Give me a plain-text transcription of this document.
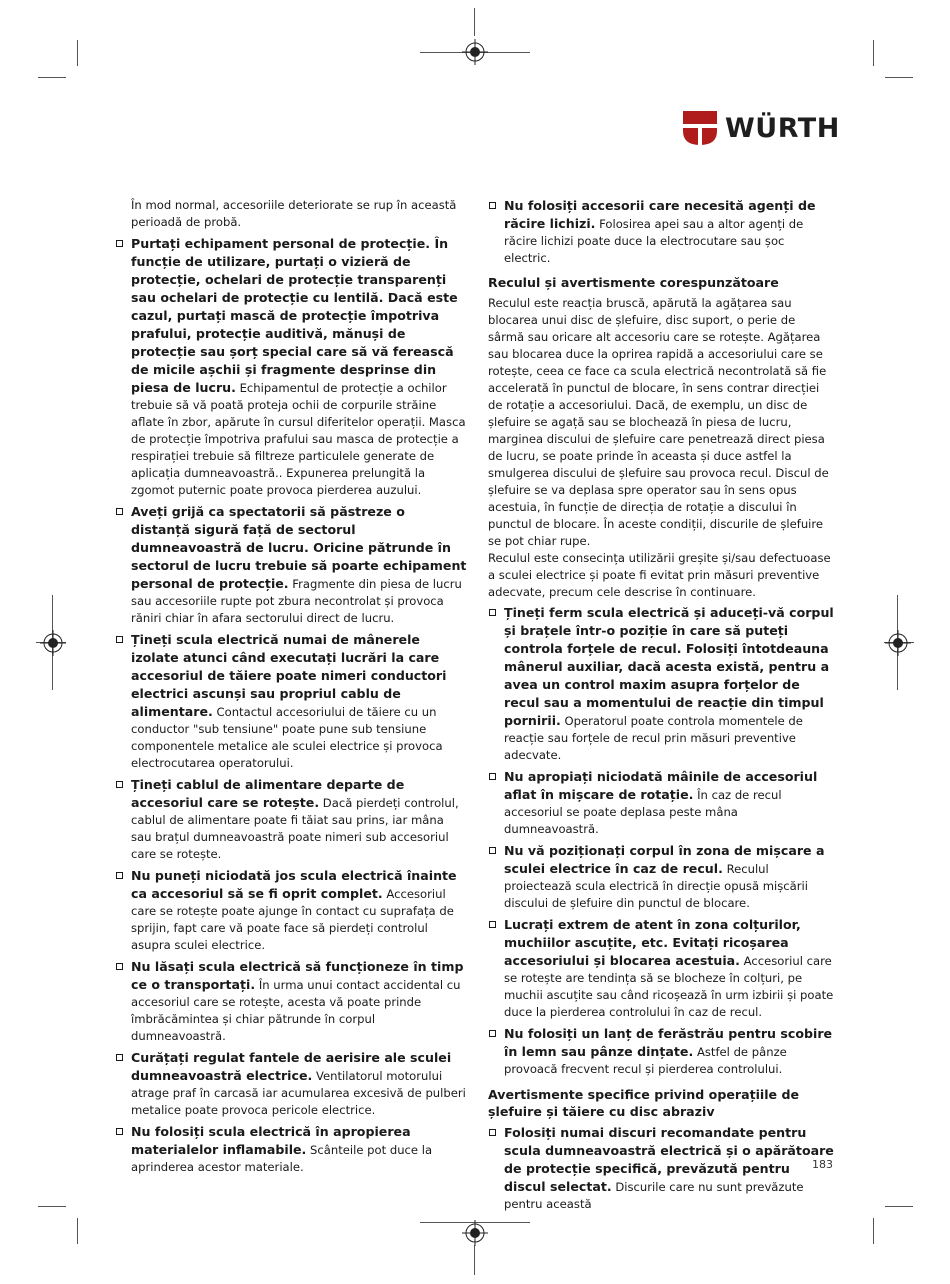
WÜRTH

În mod normal, accesoriile deteriorate se rup în această perioadă de probă.

Purtați echipament personal de protecție. În funcție de utilizare, purtați o vizieră de protecție, ochelari de protecție transparenți sau ochelari de protecție cu lentilă. Dacă este cazul, purtați mască de protecție împotriva prafului, protecție auditivă, mănuși de protecție sau șorț special care să vă ferească de micile așchii și fragmente desprinse din piesa de lucru. Echipamentul de protecție a ochilor trebuie să vă poată proteja ochii de corpurile străine aflate în zbor, apărute în cursul diferitelor operații. Masca de protecție împotriva prafului sau masca de protecție a respirației trebuie să filtreze particulele generate de aplicația dumneavoastră.. Expunerea prelungită la zgomot puternic poate provoca pierderea auzului.
Aveți grijă ca spectatorii să păstreze o distanță sigură față de sectorul dumneavoastră de lucru. Oricine pătrunde în sectorul de lucru trebuie să poarte echipament personal de protecție. Fragmente din piesa de lucru sau accesoriile rupte pot zbura necontrolat și provoca răniri chiar în afara sectorului direct de lucru.
Țineți scula electrică numai de mânerele izolate atunci când executați lucrări la care accesoriul de tăiere poate nimeri conductori electrici ascunși sau propriul cablu de alimentare. Contactul accesoriului de tăiere cu un conductor "sub tensiune" poate pune sub tensiune componentele metalice ale sculei electrice și provoca electrocutarea operatorului.
Țineți cablul de alimentare departe de accesoriul care se rotește. Dacă pierdeți controlul, cablul de alimentare poate fi tăiat sau prins, iar mâna sau brațul dumneavoastră poate nimeri sub accesoriul care se rotește.
Nu puneți niciodată jos scula electrică înainte ca accesoriul să se fi oprit complet. Accesoriul care se rotește poate ajunge în contact cu suprafața de sprijin, fapt care vă poate face să pierdeți controlul asupra sculei electrice.
Nu lăsați scula electrică să funcționeze în timp ce o transportați. În urma unui contact accidental cu accesoriul care se rotește, acesta vă poate prinde îmbrăcămintea și chiar pătrunde în corpul dumneavoastră.
Curățați regulat fantele de aerisire ale sculei dumneavoastră electrice. Ventilatorul motorului atrage praf în carcasă iar acumularea excesivă de pulberi metalice poate provoca pericole electrice.
Nu folosiți scula electrică în apropierea materialelor inflamabile. Scânteile pot duce la aprinderea acestor materiale.
Nu folosiți accesorii care necesită agenți de răcire lichizi. Folosirea apei sau a altor agenți de răcire lichizi poate duce la electrocutare sau șoc electric.
Reculul și avertismente corespunzătoare

Reculul este reacția bruscă, apărută la agățarea sau blocarea unui disc de șlefuire, disc suport, o perie de sârmă sau oricare alt accesoriu care se rotește. Agățarea sau blocarea duce la oprirea rapidă a accesoriului care se rotește, ceea ce face ca scula electrică necontrolată să fie accelerată în punctul de blocare, în sens contrar direcției de rotație a accesoriului. Dacă, de exemplu, un disc de șlefuire se agață sau se blochează în piesa de lucru, marginea discului de șlefuire care penetrează direct piesa de lucru, se poate prinde în aceasta și duce astfel la smulgerea discului de șlefuire sau provoca recul. Discul de șlefuire se va deplasa spre operator sau în sens opus acestuia, în funcție de direcția de rotație a discului în punctul de blocare. În aceste condiții, discurile de șlefuire se pot chiar rupe.

Reculul este consecința utilizării greșite și/sau defectuoase a sculei electrice și poate fi evitat prin măsuri preventive adecvate, precum cele descrise în continuare.

Țineți ferm scula electrică și aduceți-vă corpul și brațele într-o poziție în care să puteți controla forțele de recul. Folosiți întotdeauna mânerul auxiliar, dacă acesta există, pentru a avea un control maxim asupra forțelor de recul sau a momentului de reacție din timpul pornirii. Operatorul poate controla momentele de reacție sau forțele de recul prin măsuri preventive adecvate.
Nu apropiați niciodată mâinile de accesoriul aflat în mișcare de rotație. În caz de recul accesoriul se poate deplasa peste mâna dumneavoastră.
Nu vă poziționați corpul în zona de mișcare a sculei electrice în caz de recul. Reculul proiectează scula electrică în direcție opusă mișcării discului de șlefuire din punctul de blocare.
Lucrați extrem de atent în zona colțurilor, muchiilor ascuțite, etc. Evitați ricoșarea accesoriului și blocarea acestuia. Accesoriul care se rotește are tendința să se blocheze în colțuri, pe muchii ascuțite sau când ricoșează în urm izbirii și poate duce la pierderea controlului în caz de recul.
Nu folosiți un lanț de ferăstrău pentru scobire în lemn sau pânze dințate. Astfel de pânze provoacă frecvent recul și pierderea controlului.
Avertismente specifice privind operațiile de șlefuire și tăiere cu disc abraziv
Folosiți numai discuri recomandate pentru scula dumneavoastră electrică și o apărătoare de protecție specifică, prevăzută pentru discul selectat. Discurile care nu sunt prevăzute pentru această
183
